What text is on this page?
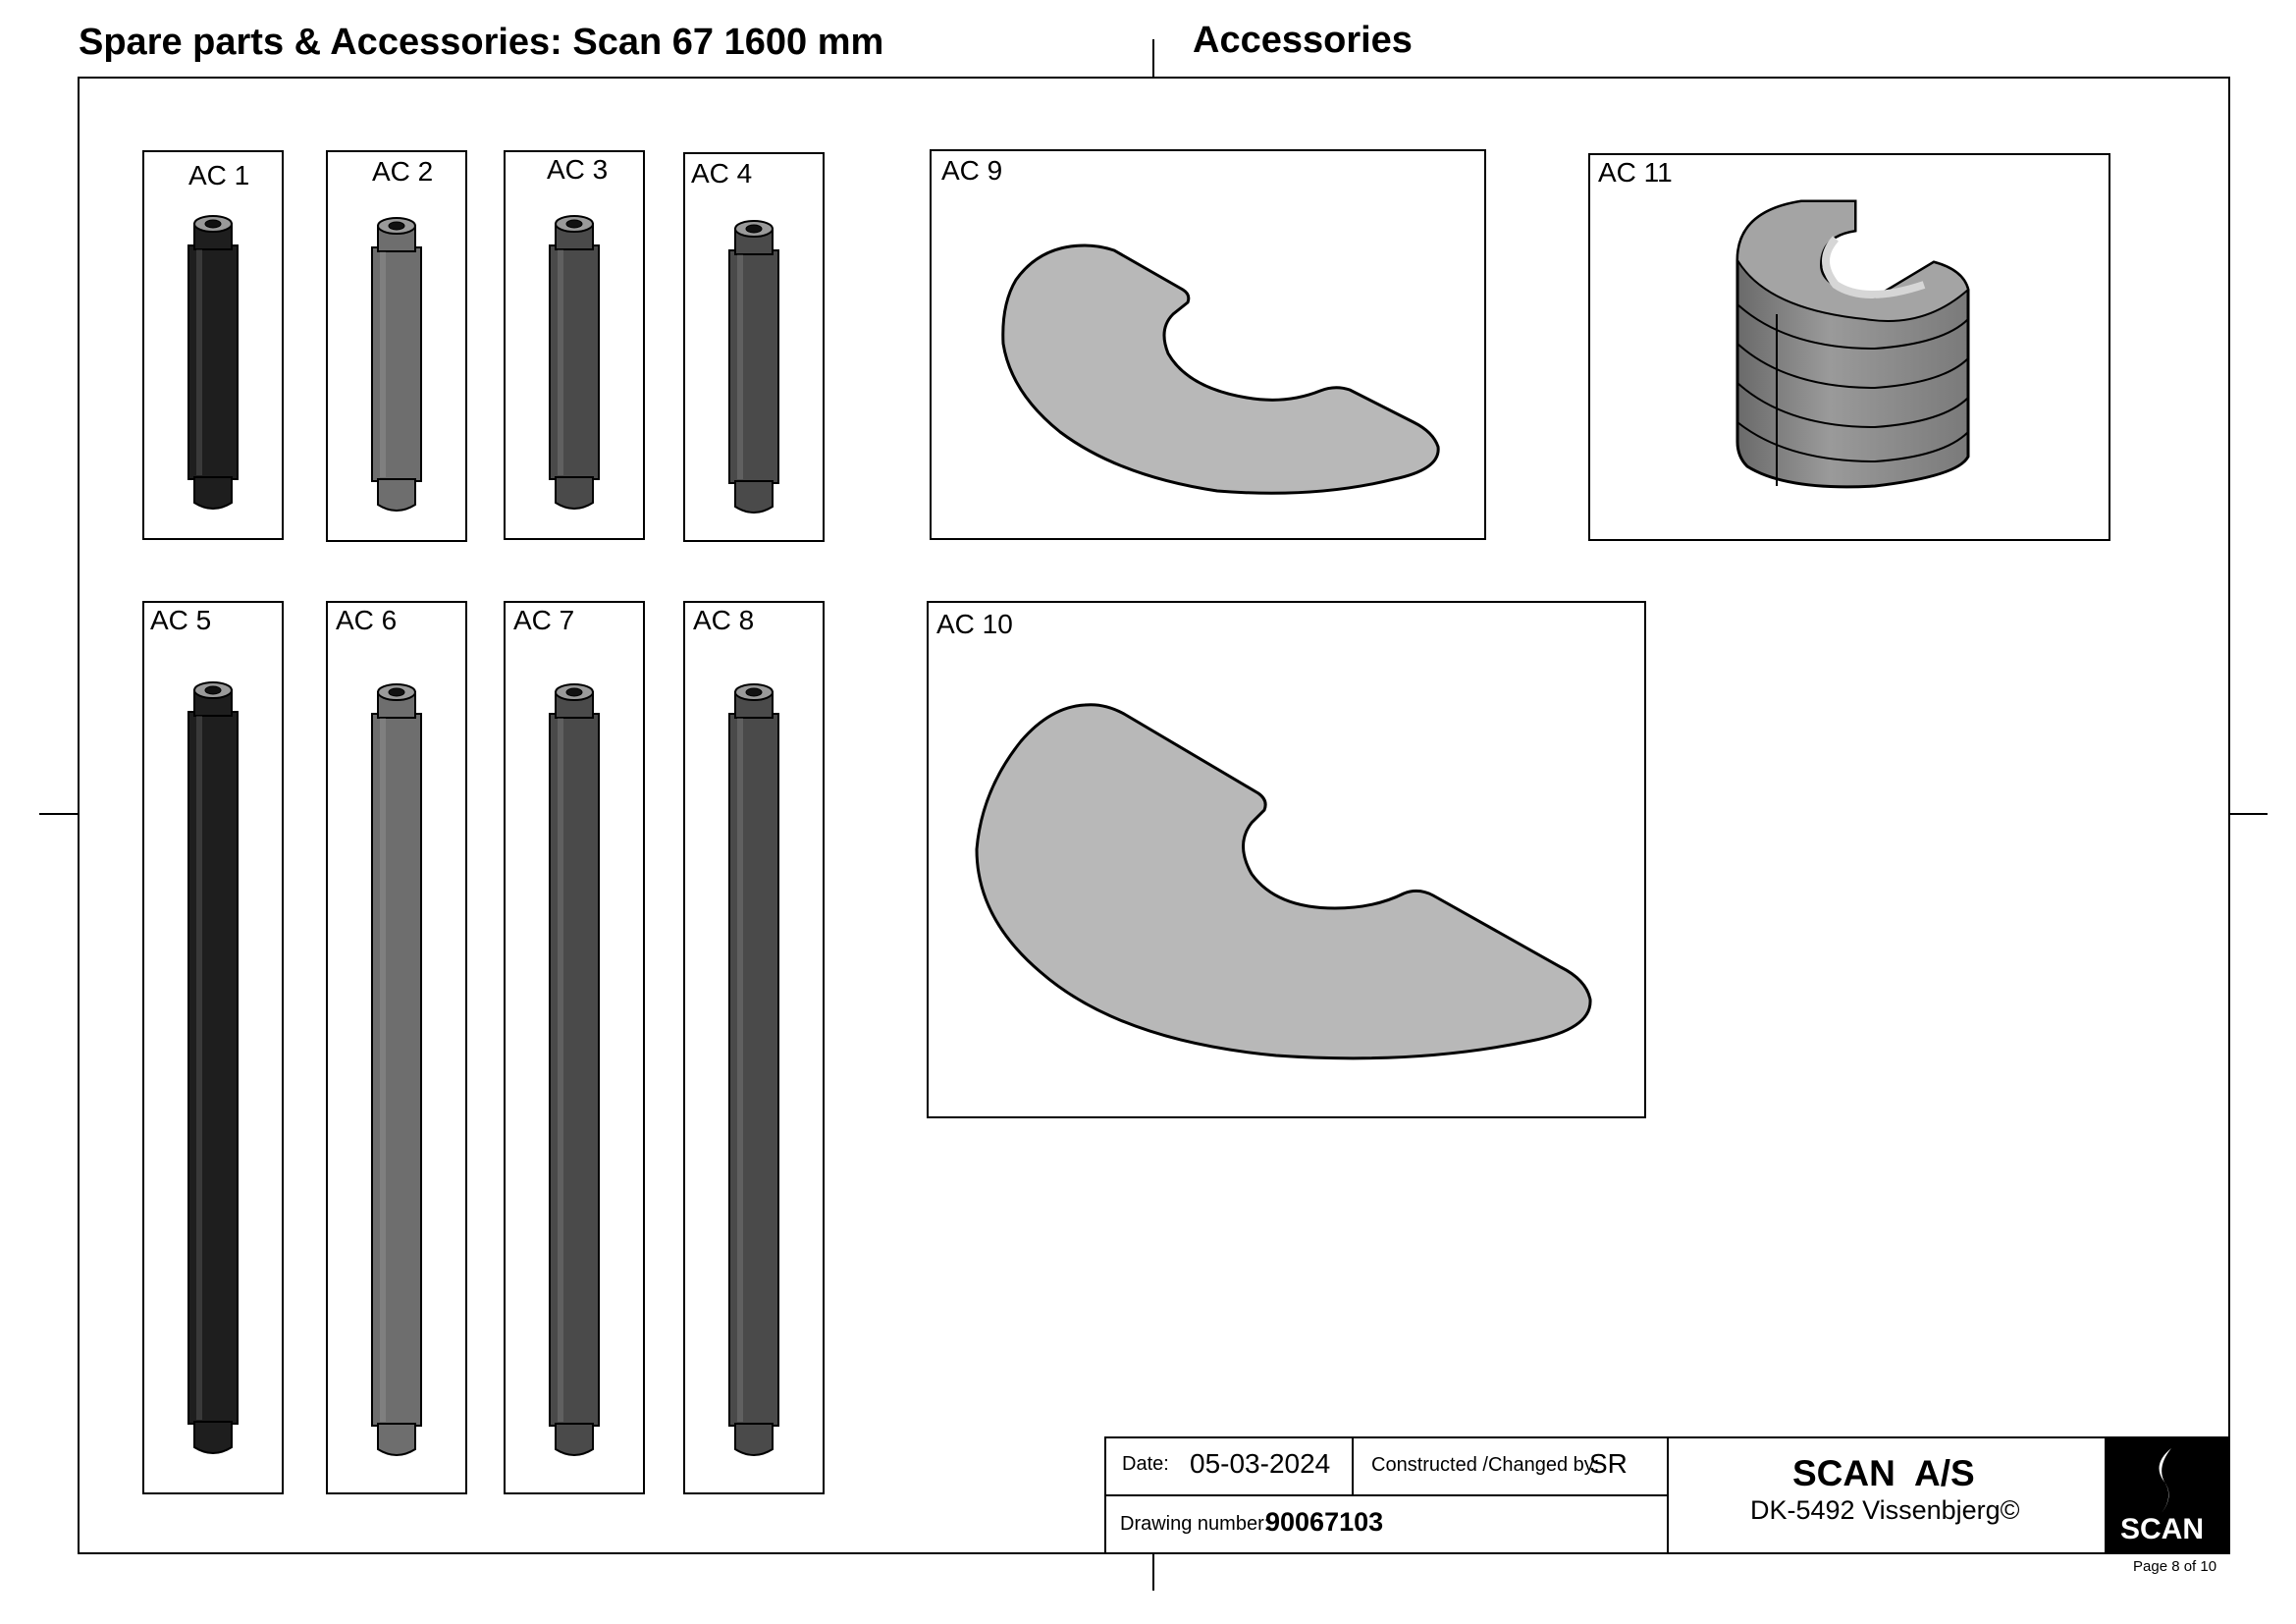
Spare parts & Accessories: Scan 67 1600 mm	Accessories
AC 1	AC 2	AC 3	AC 4
AC 5	AC 6	AC 7	AC 8
AC 9	AC 11
AC 10
Date: 05-03-2024 Constructed /Changed by:
SR
Drawing number:
90067103
SCAN  A/S
DK-5492 Vissenbjerg©
SCAN
Page 8 of 10
